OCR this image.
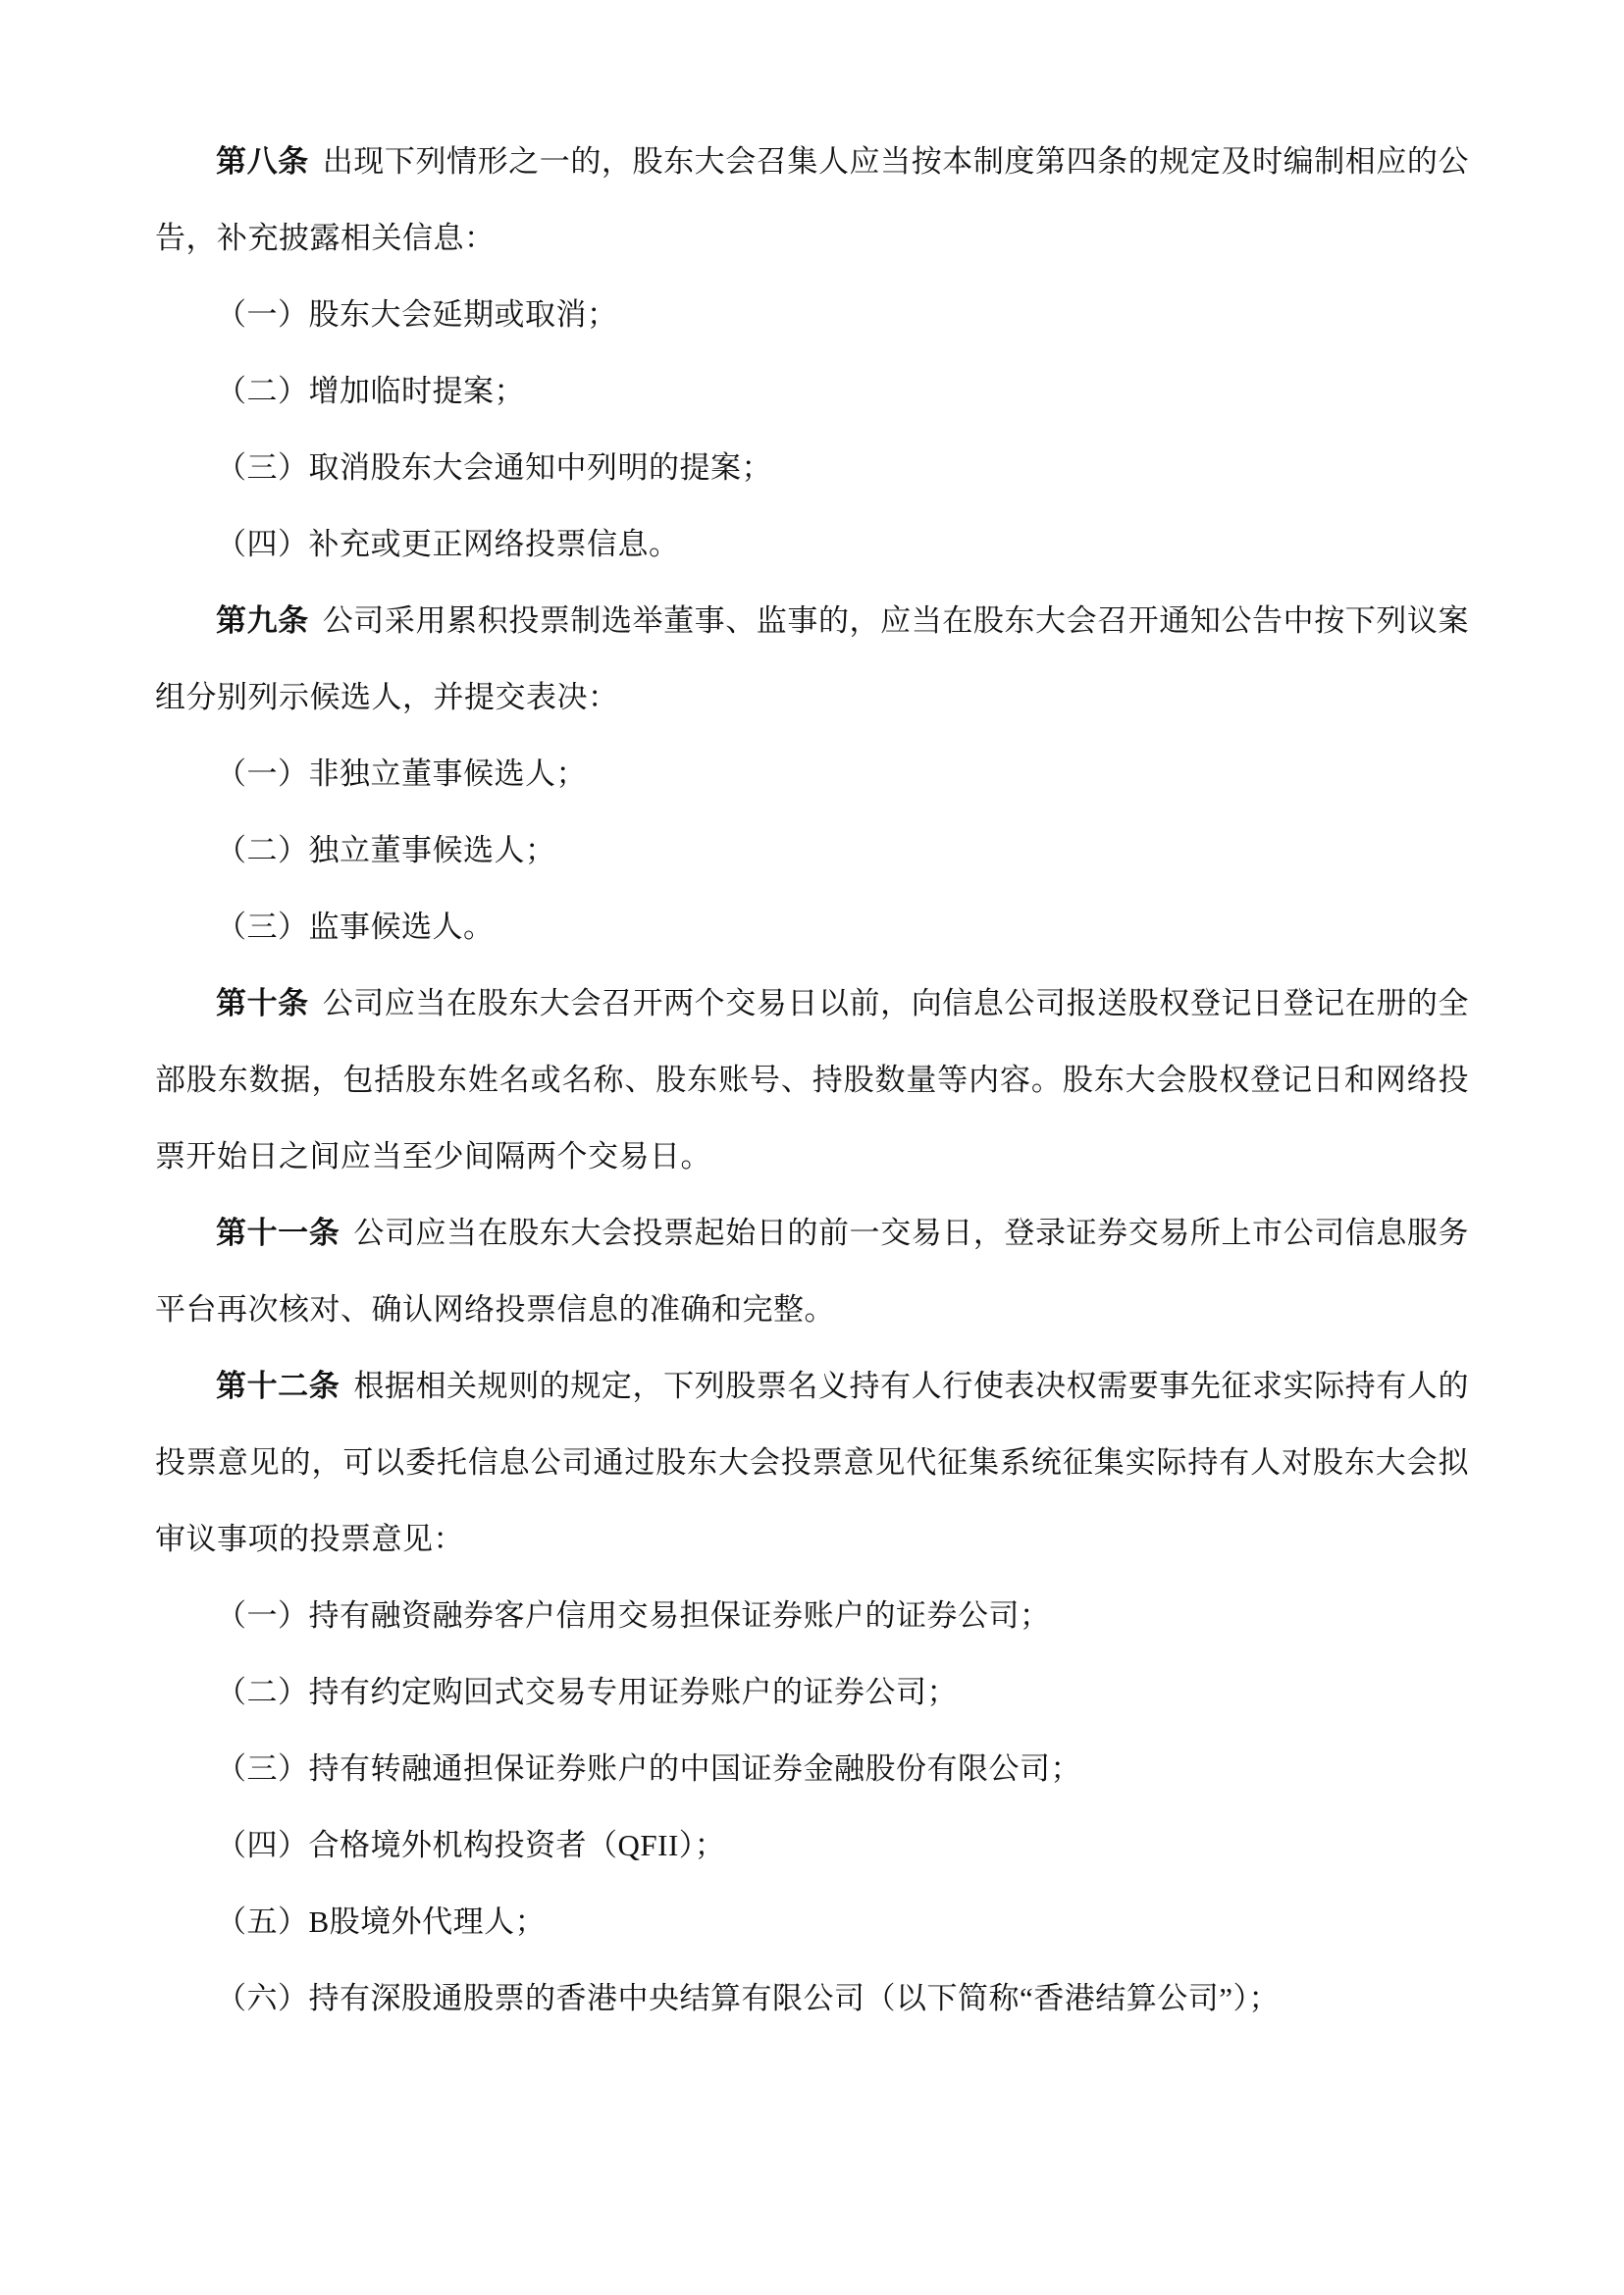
第八条 出现下列情形之一的，股东大会召集人应当按本制度第四条的规定及时编制相应的公告，补充披露相关信息：

（一）股东大会延期或取消；

（二）增加临时提案；

（三）取消股东大会通知中列明的提案；

（四）补充或更正网络投票信息。

第九条 公司采用累积投票制选举董事、监事的，应当在股东大会召开通知公告中按下列议案组分别列示候选人，并提交表决：

（一）非独立董事候选人；

（二）独立董事候选人；

（三）监事候选人。

第十条 公司应当在股东大会召开两个交易日以前，向信息公司报送股权登记日登记在册的全部股东数据，包括股东姓名或名称、股东账号、持股数量等内容。股东大会股权登记日和网络投票开始日之间应当至少间隔两个交易日。

第十一条 公司应当在股东大会投票起始日的前一交易日，登录证券交易所上市公司信息服务平台再次核对、确认网络投票信息的准确和完整。

第十二条 根据相关规则的规定，下列股票名义持有人行使表决权需要事先征求实际持有人的投票意见的，可以委托信息公司通过股东大会投票意见代征集系统征集实际持有人对股东大会拟审议事项的投票意见：

（一）持有融资融券客户信用交易担保证券账户的证券公司；

（二）持有约定购回式交易专用证券账户的证券公司；

（三）持有转融通担保证券账户的中国证券金融股份有限公司；

（四）合格境外机构投资者（QFII）；

（五）B股境外代理人；

（六）持有深股通股票的香港中央结算有限公司（以下简称“香港结算公司”）；
